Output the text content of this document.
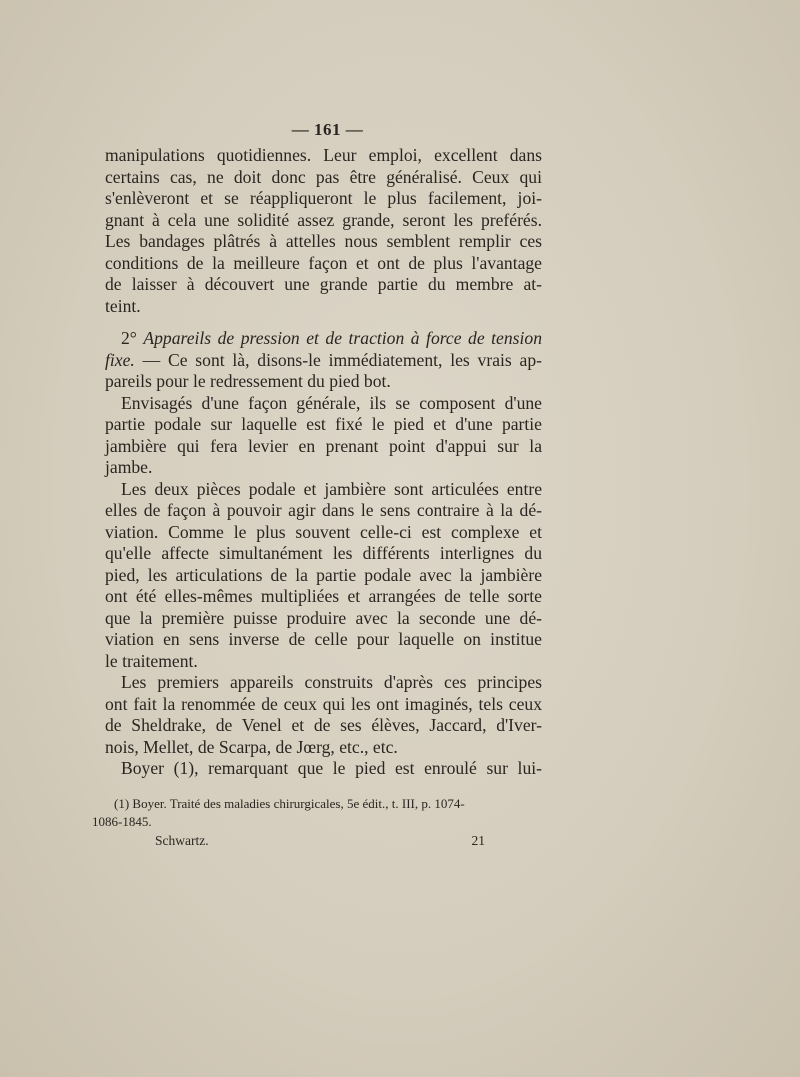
— 161 —
manipulations quotidiennes. Leur emploi, excellent dans
certains cas, ne doit donc pas être généralisé. Ceux qui
s'enlèveront et se réappliqueront le plus facilement, joi-
gnant à cela une solidité assez grande, seront les preférés.
Les bandages plâtrés à attelles nous semblent remplir ces
conditions de la meilleure façon et ont de plus l'avantage
de laisser à découvert une grande partie du membre at-
teint.
2° Appareils de pression et de traction à force de tension
fixe. — Ce sont là, disons-le immédiatement, les vrais ap-
pareils pour le redressement du pied bot.
Envisagés d'une façon générale, ils se composent d'une
partie podale sur laquelle est fixé le pied et d'une partie
jambière qui fera levier en prenant point d'appui sur la
jambe.
Les deux pièces podale et jambière sont articulées entre
elles de façon à pouvoir agir dans le sens contraire à la dé-
viation. Comme le plus souvent celle-ci est complexe et
qu'elle affecte simultanément les différents interlignes du
pied, les articulations de la partie podale avec la jambière
ont été elles-mêmes multipliées et arrangées de telle sorte
que la première puisse produire avec la seconde une dé-
viation en sens inverse de celle pour laquelle on institue
le traitement.
Les premiers appareils construits d'après ces principes
ont fait la renommée de ceux qui les ont imaginés, tels ceux
de Sheldrake, de Venel et de ses élèves, Jaccard, d'Iver-
nois, Mellet, de Scarpa, de Jœrg, etc., etc.
Boyer (1), remarquant que le pied est enroulé sur lui-
(1) Boyer. Traité des maladies chirurgicales, 5e édit., t. III, p. 1074-
1086-1845.
Schwartz.	21
